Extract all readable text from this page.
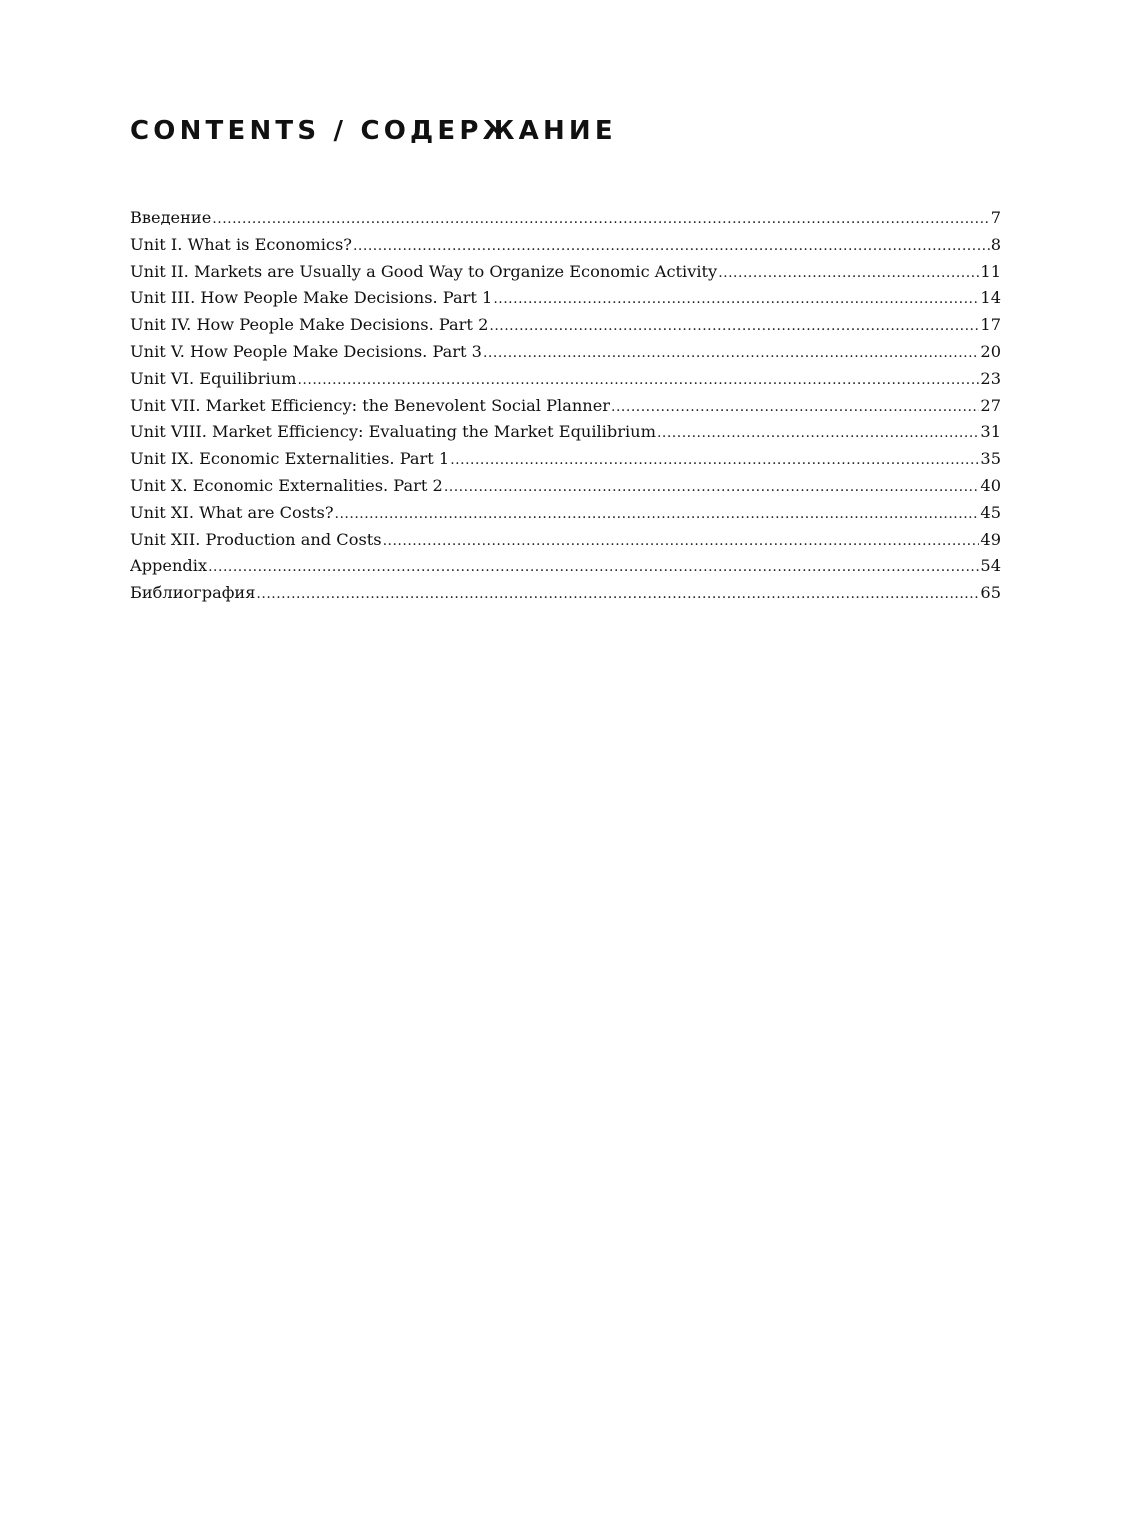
CONTENTS / СОДЕРЖАНИЕ
Введение .....	7
Unit I. What is Economics? .....	8
Unit II. Markets are Usually a Good Way to Organize Economic Activity .....	11
Unit III. How People Make Decisions. Part 1 .....	14
Unit IV. How People Make Decisions. Part 2 .....	17
Unit V. How People Make Decisions. Part 3 .....	20
Unit VI. Equilibrium .....	23
Unit VII. Market Efficiency: the Benevolent Social Planner .....	27
Unit VIII. Market Efficiency: Evaluating the Market Equilibrium .....	31
Unit IX. Economic Externalities. Part 1 .....	35
Unit X. Economic Externalities. Part 2 .....	40
Unit XI. What are Costs? .....	45
Unit XII. Production and Costs .....	49
Appendix .....	54
Библиография .....	65
